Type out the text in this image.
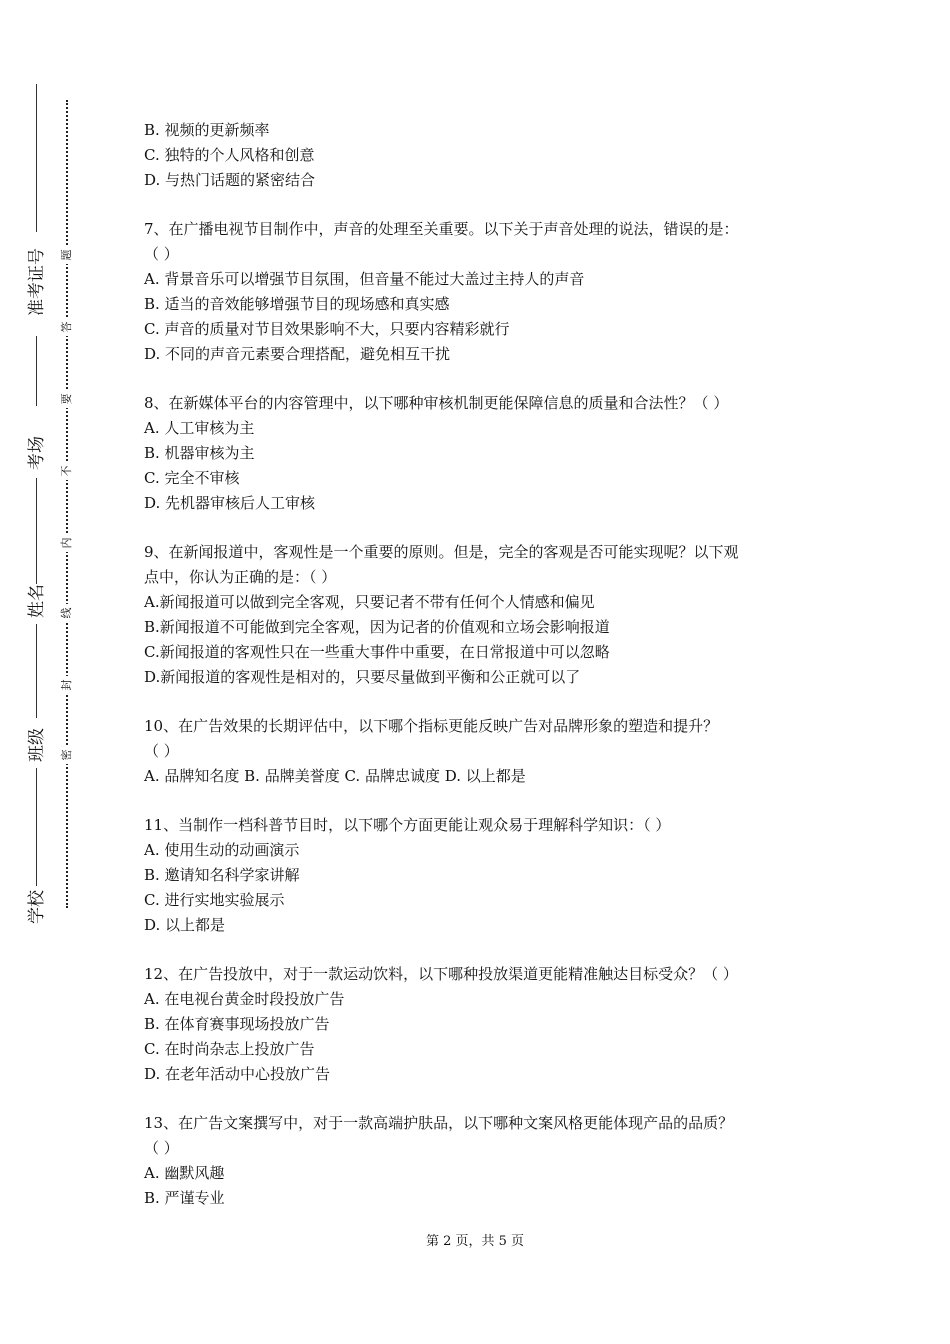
准考证号
考场
姓名
班级
学校
题
答
要
不
内
线
封
密
B. 视频的更新频率
C. 独特的个人风格和创意
D. 与热门话题的紧密结合
7、在广播电视节目制作中，声音的处理至关重要。以下关于声音处理的说法，错误的是：
（ ）
A. 背景音乐可以增强节目氛围，但音量不能过大盖过主持人的声音
B. 适当的音效能够增强节目的现场感和真实感
C. 声音的质量对节目效果影响不大，只要内容精彩就行
D. 不同的声音元素要合理搭配，避免相互干扰
8、在新媒体平台的内容管理中，以下哪种审核机制更能保障信息的质量和合法性？（ ）
A. 人工审核为主
B. 机器审核为主
C. 完全不审核
D. 先机器审核后人工审核
9、在新闻报道中，客观性是一个重要的原则。但是，完全的客观是否可能实现呢？以下观
点中，你认为正确的是：（ ）
A.新闻报道可以做到完全客观，只要记者不带有任何个人情感和偏见
B.新闻报道不可能做到完全客观，因为记者的价值观和立场会影响报道
C.新闻报道的客观性只在一些重大事件中重要，在日常报道中可以忽略
D.新闻报道的客观性是相对的，只要尽量做到平衡和公正就可以了
10、在广告效果的长期评估中，以下哪个指标更能反映广告对品牌形象的塑造和提升？
（ ）
A. 品牌知名度 B. 品牌美誉度 C. 品牌忠诚度 D. 以上都是
11、当制作一档科普节目时，以下哪个方面更能让观众易于理解科学知识：（ ）
A. 使用生动的动画演示
B. 邀请知名科学家讲解
C. 进行实地实验展示
D. 以上都是
12、在广告投放中，对于一款运动饮料，以下哪种投放渠道更能精准触达目标受众？（ ）
A. 在电视台黄金时段投放广告
B. 在体育赛事现场投放广告
C. 在时尚杂志上投放广告
D. 在老年活动中心投放广告
13、在广告文案撰写中，对于一款高端护肤品，以下哪种文案风格更能体现产品的品质？
（ ）
A. 幽默风趣
B. 严谨专业
第 2 页，共 5 页
